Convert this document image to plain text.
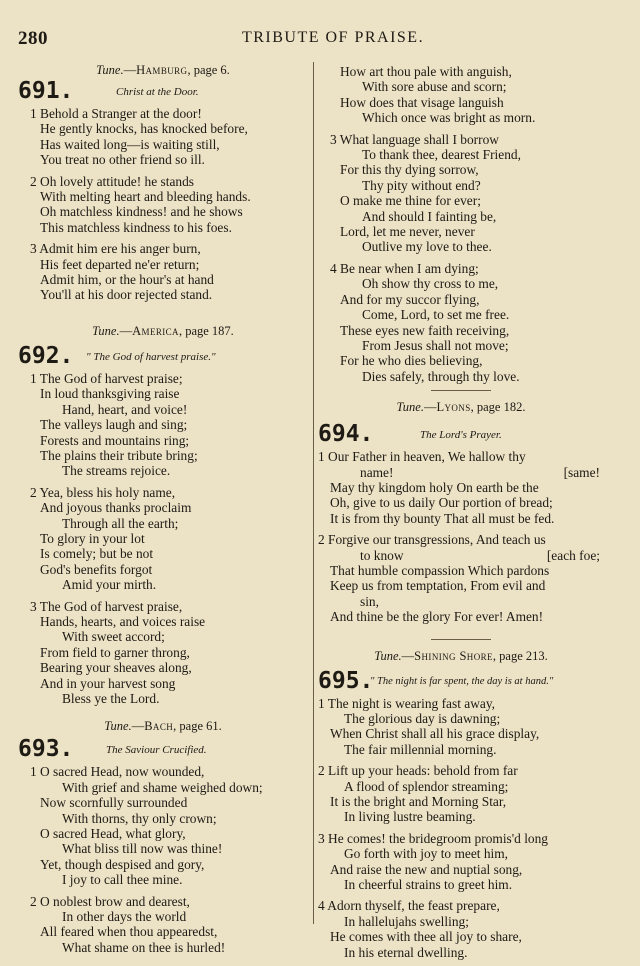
280	TRIBUTE OF PRAISE.
Tune.—Hamburg, page 6.
691.	Christ at the Door.
1 Behold a Stranger at the door!
He gently knocks, has knocked before,
Has waited long—is waiting still,
You treat no other friend so ill.
2 Oh lovely attitude! he stands
With melting heart and bleeding hands.
Oh matchless kindness! and he shows
This matchless kindness to his foes.
3 Admit him ere his anger burn,
His feet departed ne'er return;
Admit him, or the hour's at hand
You'll at his door rejected stand.
Tune.—America, page 187.
692. " The God of harvest praise."
1 The God of harvest praise;
In loud thanksgiving raise
Hand, heart, and voice!
The valleys laugh and sing;
Forests and mountains ring;
The plains their tribute bring;
The streams rejoice.
2 Yea, bless his holy name,
And joyous thanks proclaim
Through all the earth;
To glory in your lot
Is comely; but be not
God's benefits forgot
Amid your mirth.
3 The God of harvest praise,
Hands, hearts, and voices raise
With sweet accord;
From field to garner throng,
Bearing your sheaves along,
And in your harvest song
Bless ye the Lord.
Tune.—Bach, page 61.
693.	The Saviour Crucified.
1 O sacred Head, now wounded,
With grief and shame weighed down;
Now scornfully surrounded
With thorns, thy only crown;
O sacred Head, what glory,
What bliss till now was thine!
Yet, though despised and gory,
I joy to call thee mine.
2 O noblest brow and dearest,
In other days the world
All feared when thou appearedst,
What shame on thee is hurled!
How art thou pale with anguish,
With sore abuse and scorn;
How does that visage languish
Which once was bright as morn.
3 What language shall I borrow
To thank thee, dearest Friend,
For this thy dying sorrow,
Thy pity without end?
O make me thine for ever;
And should I fainting be,
Lord, let me never, never
Outlive my love to thee.
4 Be near when I am dying;
Oh show thy cross to me,
And for my succor flying,
Come, Lord, to set me free.
These eyes new faith receiving,
From Jesus shall not move;
For he who dies believing,
Dies safely, through thy love.
Tune.—Lyons, page 182.
694.	The Lord's Prayer.
1 Our Father in heaven, We hallow thy
name!	[same!
May thy kingdom holy On earth be the
Oh, give to us daily Our portion of bread;
It is from thy bounty That all must be fed.
2 Forgive our transgressions, And teach us
to know	[each foe;
That humble compassion Which pardons
Keep us from temptation, From evil and
sin,
And thine be the glory For ever! Amen!
Tune.—Shining Shore, page 213.
695.
" The night is far spent, the day is at hand."
1 The night is wearing fast away,
The glorious day is dawning;
When Christ shall all his grace display,
The fair millennial morning.
2 Lift up your heads: behold from far
A flood of splendor streaming;
It is the bright and Morning Star,
In living lustre beaming.
3 He comes! the bridegroom promis'd long
Go forth with joy to meet him,
And raise the new and nuptial song,
In cheerful strains to greet him.
4 Adorn thyself, the feast prepare,
In hallelujahs swelling;
He comes with thee all joy to share,
In his eternal dwelling.
